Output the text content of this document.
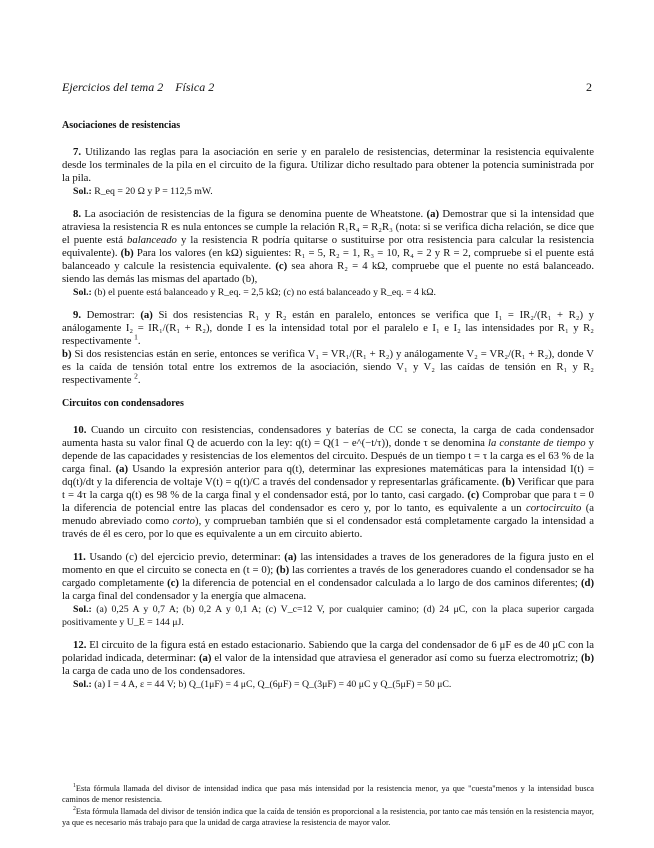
Ejercicios del tema 2 Física 2	2
Asociaciones de resistencias

7. Utilizando las reglas para la asociación en serie y en paralelo de resistencias, determinar la resistencia equivalente desde los terminales de la pila en el circuito de la figura. Utilizar dicho resultado para obtener la potencia suministrada por la pila.

Sol.: R_eq = 20 Ω y P = 112,5 mW.

8. La asociación de resistencias de la figura se denomina puente de Wheatstone. (a) Demostrar que si la intensidad que atraviesa la resistencia R es nula entonces se cumple la relación R₁R₄ = R₂R₃ (nota: si se verifica dicha relación, se dice que el puente está balanceado y la resistencia R podría quitarse o sustituirse por otra resistencia para calcular la resistencia equivalente). (b) Para los valores (en kΩ) siguientes: R₁ = 5, R₂ = 1, R₃ = 10, R₄ = 2 y R = 2, compruebe si el puente está balanceado y calcule la resistencia equivalente. (c) sea ahora R₂ = 4 kΩ, compruebe que el puente no está balanceado. siendo las demás las mismas del apartado (b),

Sol.: (b) el puente está balanceado y R_eq. = 2,5 kΩ; (c) no está balanceado y R_eq. = 4 kΩ.

9. Demostrar: (a) Si dos resistencias R₁ y R₂ están en paralelo, entonces se verifica que I₁ = IR₂/(R₁ + R₂) y análogamente I₂ = IR₁/(R₁ + R₂), donde I es la intensidad total por el paralelo e I₁ e I₂ las intensidades por R₁ y R₂ respectivamente $^1$.

b) Si dos resistencias están en serie, entonces se verifica V₁ = VR₁/(R₁ + R₂) y análogamente V₂ = VR₂/(R₁ + R₂), donde V es la caída de tensión total entre los extremos de la asociación, siendo V₁ y V₂ las caídas de tensión en R₁ y R₂ respectivamente $^2$.

Circuitos con condensadores

10. Cuando un circuito con resistencias, condensadores y baterías de CC se conecta, la carga de cada condensador aumenta hasta su valor final Q de acuerdo con la ley: q(t) = Q(1 − e^(−t/τ)), donde τ se denomina la constante de tiempo y depende de las capacidades y resistencias de los elementos del circuito. Después de un tiempo t = τ la carga es el 63 % de la carga final. (a) Usando la expresión anterior para q(t), determinar las expresiones matemáticas para la intensidad I(t) = dq(t)/dt y la diferencia de voltaje V(t) = q(t)/C a través del condensador y representarlas gráficamente. (b) Verificar que para t = 4τ la carga q(t) es 98 % de la carga final y el condensador está, por lo tanto, casi cargado. (c) Comprobar que para t = 0 la diferencia de potencial entre las placas del condensador es cero y, por lo tanto, es equivalente a un cortocircuito (a menudo abreviado como corto), y comprueban también que si el condensador está completamente cargado la intensidad a través de él es cero, por lo que es equivalente a un em circuito abierto.

11. Usando (c) del ejercicio previo, determinar: (a) las intensidades a traves de los generadores de la figura justo en el momento en que el circuito se conecta en (t = 0); (b) las corrientes a través de los generadores cuando el condensador se ha cargado completamente (c) la diferencia de potencial en el condensador calculada a lo largo de dos caminos diferentes; (d) la carga final del condensador y la energía que almacena.

Sol.: (a) 0,25 A y 0,7 A; (b) 0,2 A y 0,1 A; (c) V_c=12 V, por cualquier camino; (d) 24 μC, con la placa superior cargada positivamente y U_E = 144 μJ.

12. El circuito de la figura está en estado estacionario. Sabiendo que la carga del condensador de 6 μF es de 40 μC con la polaridad indicada, determinar: (a) el valor de la intensidad que atraviesa el generador así como su fuerza electromotriz; (b) la carga de cada uno de los condensadores.

Sol.: (a) I = 4 A, ε = 44 V; b) Q_(1μF) = 4 μC, Q_(6μF) = Q_(3μF) = 40 μC y Q_(5μF) = 50 μC.

$^1$Esta fórmula llamada del divisor de intensidad indica que pasa más intensidad por la resistencia menor, ya que "cuesta"menos y la intensidad busca caminos de menor resistencia.

$^2$Esta fórmula llamada del divisor de tensión indica que la caída de tensión es proporcional a la resistencia, por tanto cae más tensión en la resistencia mayor, ya que es necesario más trabajo para que la unidad de carga atraviese la resistencia de mayor valor.
